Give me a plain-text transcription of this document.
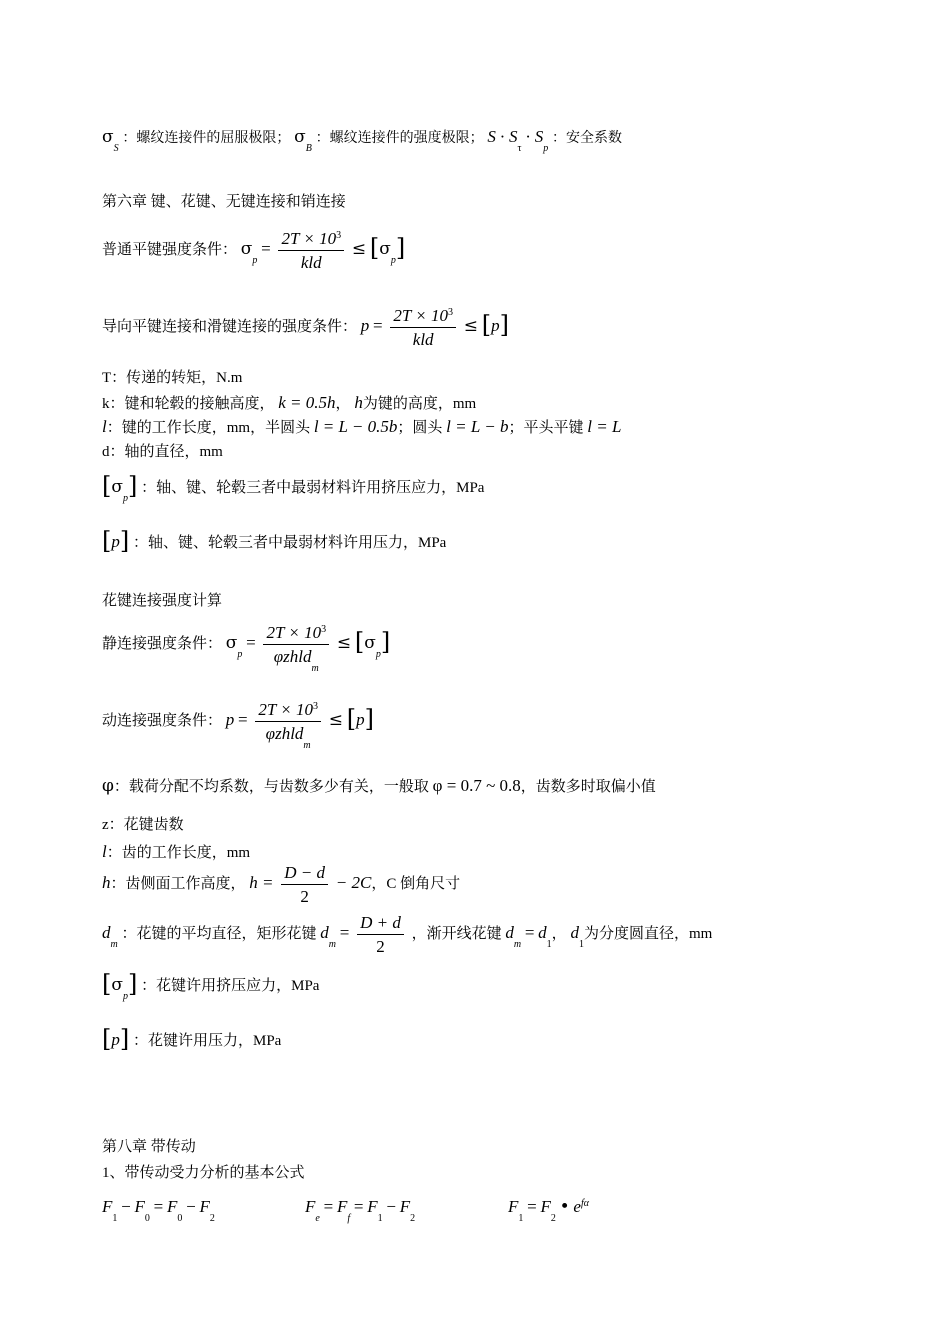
$\sigma_S$ ：螺纹连接件的屈服极限； $\sigma_B$ ：螺纹连接件的强度极限； $S \cdot S_\tau \cdot S_p$ ：安全系数
第六章 键、花键、无键连接和销连接
普通平键强度条件： $\sigma_p = \frac{2T \times 10^3}{\text{kld}} \le [\sigma_p]$
导向平键连接和滑键连接的强度条件： $p = \frac{2T \times 10^3}{\text{kld}} \le [p]$
T：传递的转矩，N.m
k：键和轮毂的接触高度， k = 0.5h， h为键的高度，mm
l：键的工作长度，mm，半圆头 l = L − 0.5b；圆头 l = L − b；平头平键 l = L
d：轴的直径，mm
$[\sigma_p]$ ：轴、键、轮毂三者中最弱材料许用挤压应力，MPa
[p] ：轴、键、轮毂三者中最弱材料许用压力，MPa
花键连接强度计算
静连接强度条件： $\sigma_p = \frac{2T \times 10^3}{\varphi zhld_m} \le [\sigma_p]$
动连接强度条件： $p = \frac{2T \times 10^3}{\varphi zhld_m} \le [p]$
φ：载荷分配不均系数，与齿数多少有关，一般取 φ = 0.7 ~ 0.8，齿数多时取偏小值
z：花键齿数
l：齿的工作长度，mm
h：齿侧面工作高度， $h = \frac{D - d}{2} - 2C$，C 倒角尺寸
$d_m$ ：花键的平均直径，矩形花键 $d_m = \frac{D + d}{2}$ ，渐开线花键 $d_m = d_1$， $d_1$为分度圆直径，mm
$[\sigma_p]$ ：花键许用挤压应力，MPa
[p] ：花键许用压力，MPa
第八章 带传动
1、带传动受力分析的基本公式
$F_1 - F_0 = F_0 - F_2$
$F_e = F_f = F_1 - F_2$
$F_1 = F_2$ • $e^{f\alpha}$
